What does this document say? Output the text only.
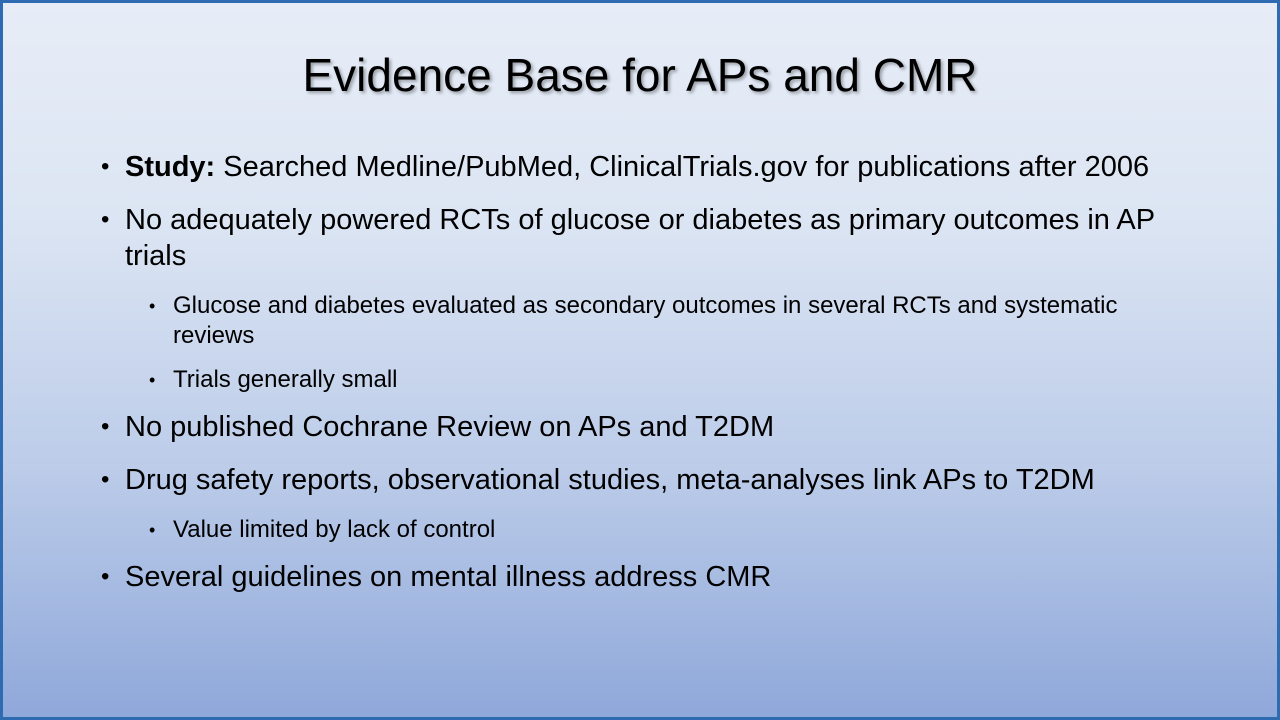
Evidence Base for APs and CMR
• Study: Searched Medline/PubMed, ClinicalTrials.gov for publications after 2006
• No adequately powered RCTs of glucose or diabetes as primary outcomes in AP trials
• Glucose and diabetes evaluated as secondary outcomes in several RCTs and systematic reviews
• Trials generally small
• No published Cochrane Review on APs and T2DM
• Drug safety reports, observational studies, meta-analyses link APs to T2DM
• Value limited by lack of control
• Several guidelines on mental illness address CMR
